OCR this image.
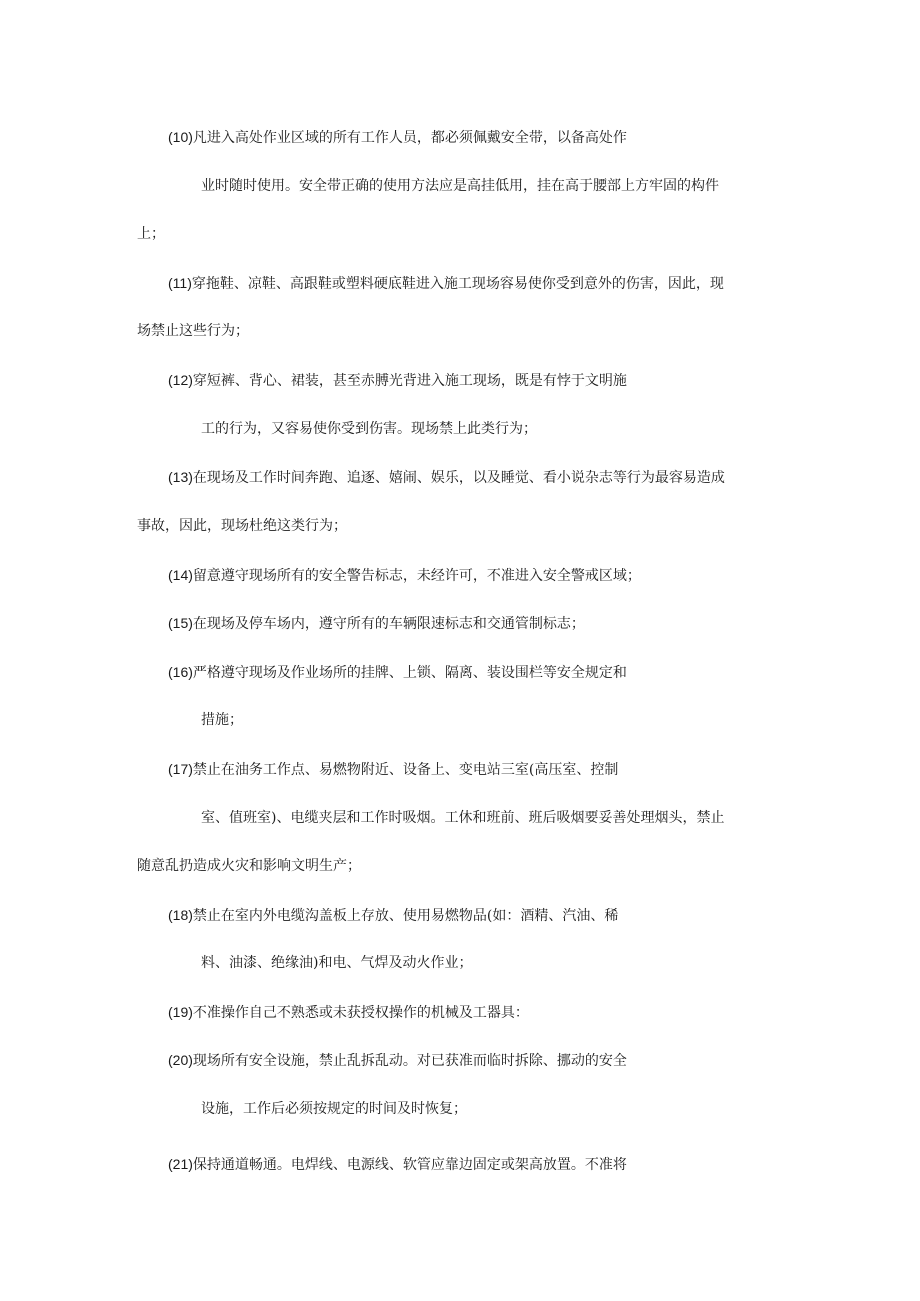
(10)凡进入高处作业区域的所有工作人员，都必须佩戴安全带，以备高处作
业时随时使用。安全带正确的使用方法应是高挂低用，挂在高于腰部上方牢固的构件
上；
(11)穿拖鞋、凉鞋、高跟鞋或塑料硬底鞋进入施工现场容易使你受到意外的伤害，因此，现
场禁止这些行为；
(12)穿短裤、背心、裙装，甚至赤膊光背进入施工现场，既是有悖于文明施
工的行为，又容易使你受到伤害。现场禁上此类行为；
(13)在现场及工作时间奔跑、追逐、嬉闹、娱乐，以及睡觉、看小说杂志等行为最容易造成
事故，因此，现场杜绝这类行为；
(14)留意遵守现场所有的安全警告标志，未经许可，不准进入安全警戒区域；
(15)在现场及停车场内，遵守所有的车辆限速标志和交通管制标志；
(16)严格遵守现场及作业场所的挂牌、上锁、隔离、装设围栏等安全规定和
措施；
(17)禁止在油务工作点、易燃物附近、设备上、变电站三室(高压室、控制
室、值班室)、电缆夹层和工作时吸烟。工休和班前、班后吸烟要妥善处理烟头，禁止
随意乱扔造成火灾和影响文明生产；
(18)禁止在室内外电缆沟盖板上存放、使用易燃物品(如：酒精、汽油、稀
料、油漆、绝缘油)和电、气焊及动火作业；
(19)不准操作自己不熟悉或未获授权操作的机械及工器具：
(20)现场所有安全设施，禁止乱拆乱动。对已获准而临时拆除、挪动的安全
设施，工作后必须按规定的时间及时恢复；
(21)保持通道畅通。电焊线、电源线、软管应靠边固定或架高放置。不准将
